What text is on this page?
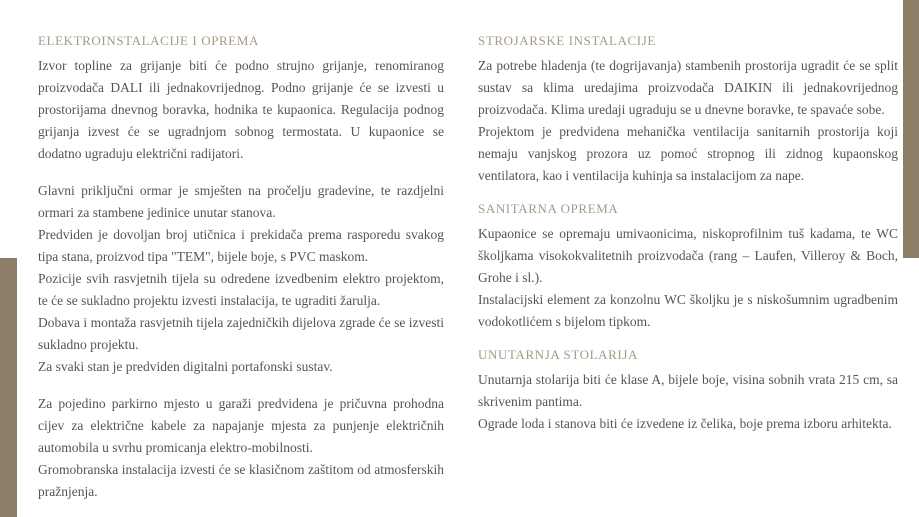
ELEKTROINSTALACIJE I OPREMA

Izvor topline za grijanje biti će podno strujno grijanje, renomiranog proizvodača DALI ili jednakovrijednog. Podno grijanje će se izvesti u prostorijama dnevnog boravka, hodnika te kupaonica. Regulacija podnog grijanja izvest će se ugradnjom sobnog termostata. U kupaonice se dodatno ugraduju električni radijatori.

Glavni priključni ormar je smješten na pročelju gradevine, te razdjelni ormari za stambene jedinice unutar stanova.

Predviden je dovoljan broj utičnica i prekidača prema rasporedu svakog tipa stana, proizvod tipa "TEM", bijele boje, s PVC maskom.

Pozicije svih rasvjetnih tijela su odredene izvedbenim elektro projektom, te će se sukladno projektu izvesti instalacija, te ugraditi žarulja.

Dobava i montaža rasvjetnih tijela zajedničkih dijelova zgrade će se izvesti sukladno projektu.

Za svaki stan je predviden digitalni portafonski sustav.

Za pojedino parkirno mjesto u garaži predvidena je pričuvna prohodna cijev za električne kabele za napajanje mjesta za punjenje električnih automobila u svrhu promicanja elektro-mobilnosti.

Gromobranska instalacija izvesti će se klasičnom zaštitom od atmosferskih pražnjenja.

STROJARSKE INSTALACIJE

Za potrebe hladenja (te dogrijavanja) stambenih prostorija ugradit će se split sustav sa klima uredajima proizvodača DAIKIN ili jednakovrijednog proizvodača. Klima uredaji ugraduju se u dnevne boravke, te spavaće sobe.

Projektom je predvidena mehanička ventilacija sanitarnih prostorija koji nemaju vanjskog prozora uz pomoć stropnog ili zidnog kupaonskog ventilatora, kao i ventilacija kuhinja sa instalacijom za nape.

SANITARNA OPREMA

Kupaonice se opremaju umivaonicima, niskoprofilnim tuš kadama, te WC školjkama visokokvalitetnih proizvodača (rang – Laufen, Villeroy & Boch, Grohe i sl.).

Instalacijski element za konzolnu WC školjku je s niskošumnim ugradbenim vodokotlićem s bijelom tipkom.

UNUTARNJA STOLARIJA

Unutarnja stolarija biti će klase A, bijele boje, visina sobnih vrata 215 cm, sa skrivenim pantima.

Ograde loda i stanova biti će izvedene iz čelika, boje prema izboru arhitekta.
